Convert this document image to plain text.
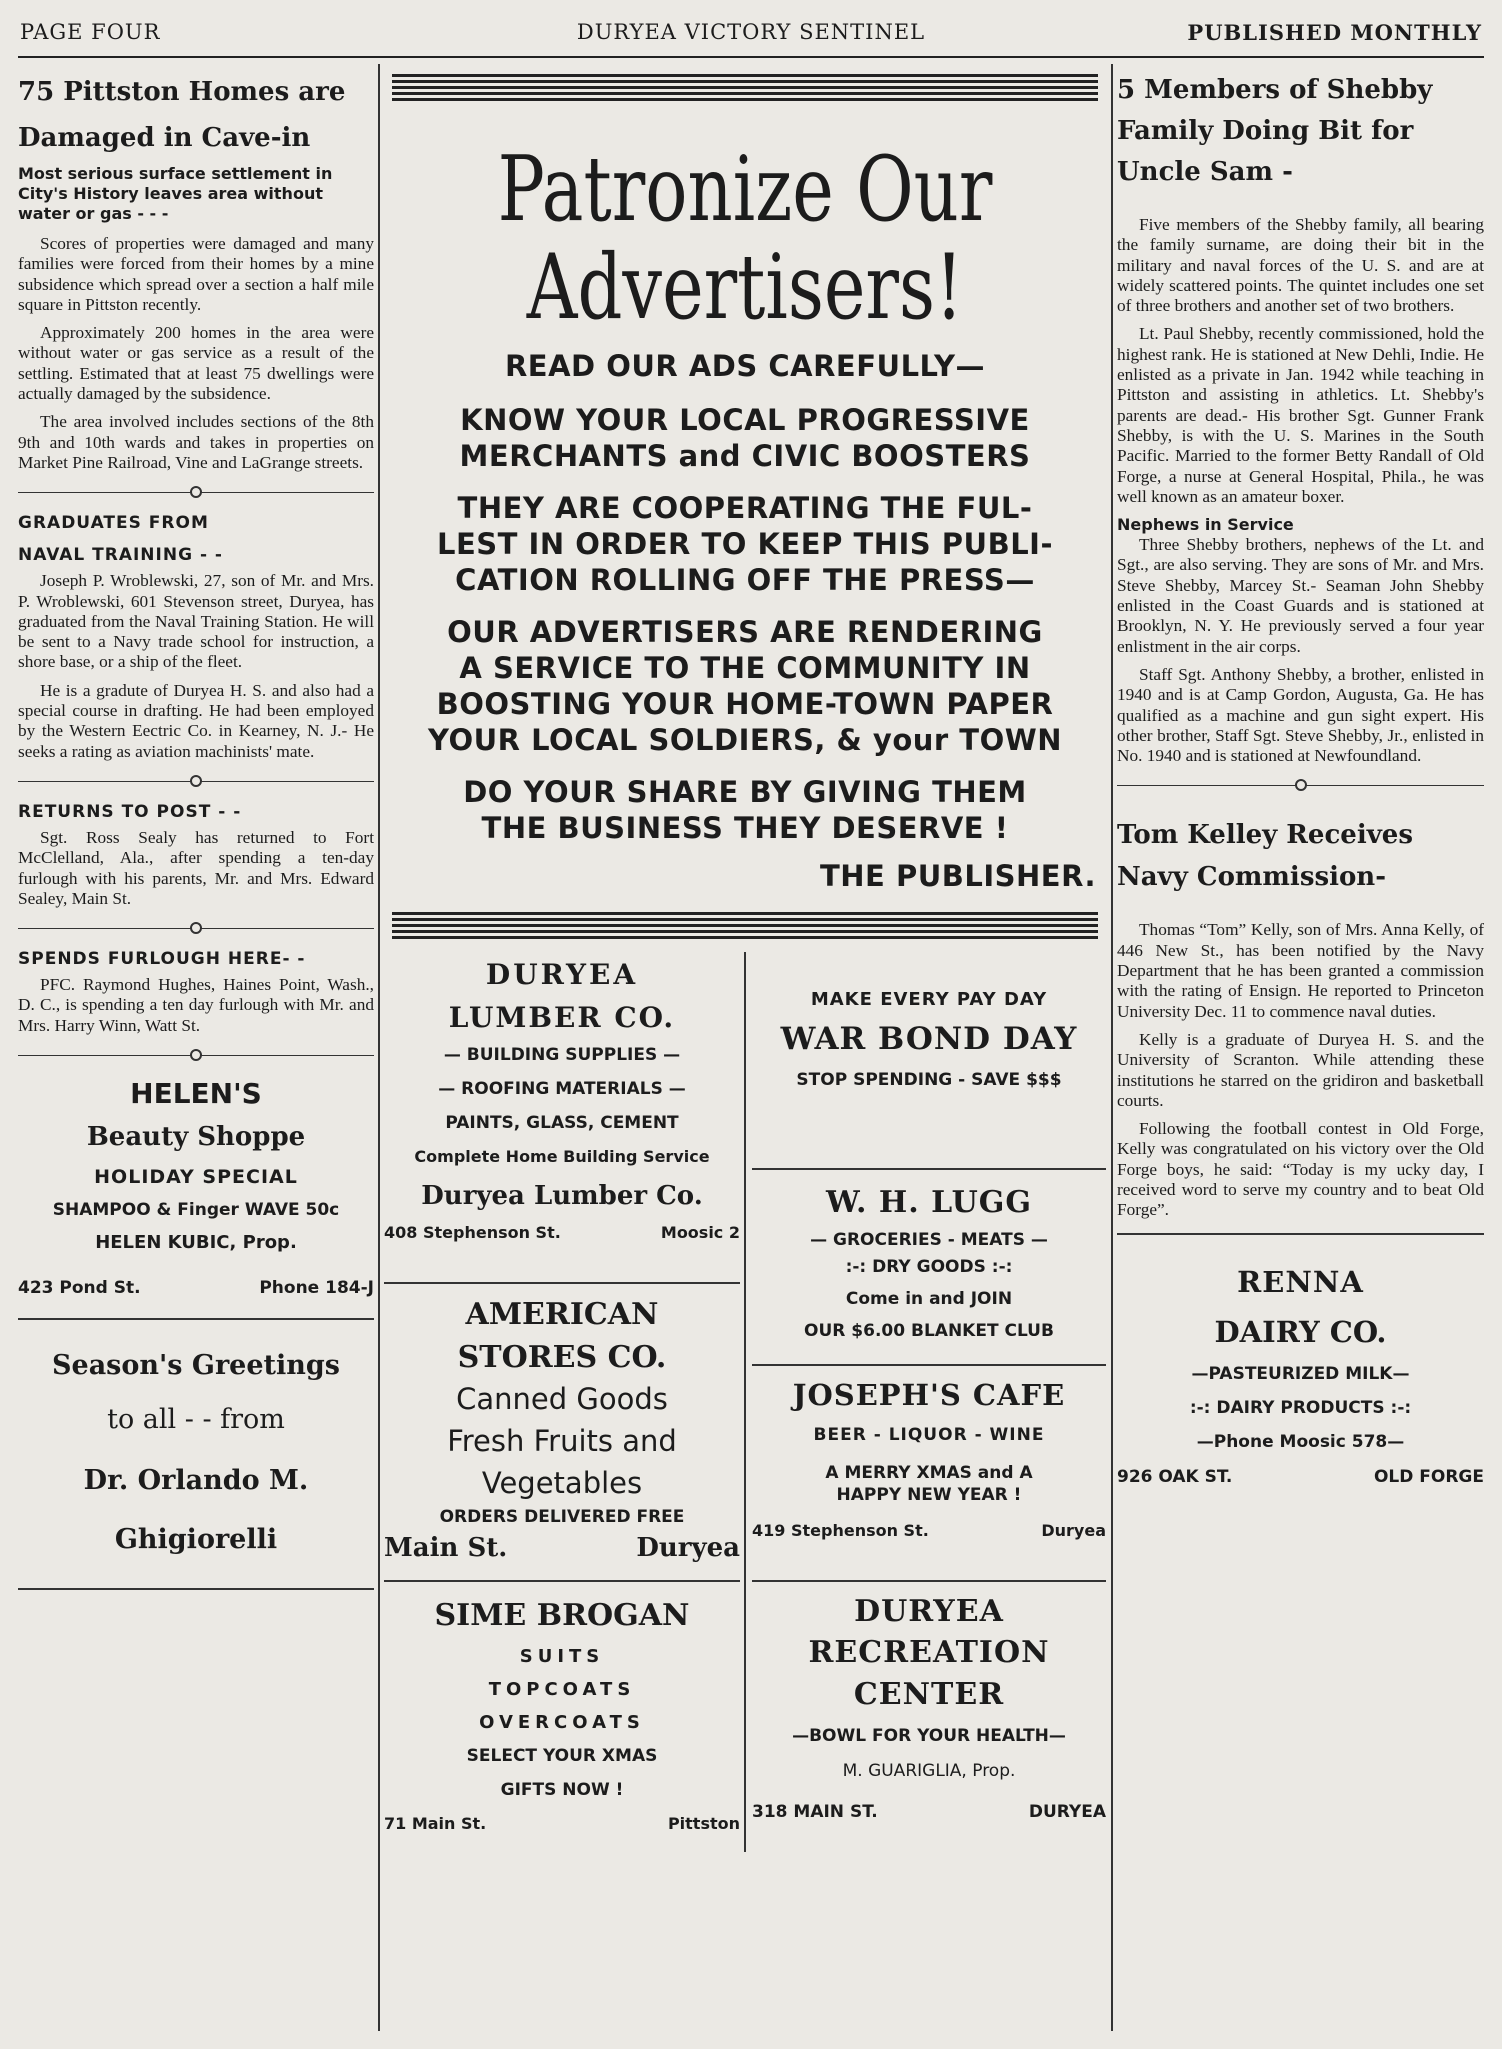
PAGE FOUR	DURYEA VICTORY SENTINEL	PUBLISHED MONTHLY
75 Pittston Homes are
Damaged in Cave-in
Most serious surface settlement in City's History leaves area without water or gas - - -

Scores of properties were damaged and many families were forced from their homes by a mine subsidence which spread over a section a half mile square in Pittston recently.

Approximately 200 homes in the area were without water or gas service as a result of the settling. Estimated that at least 75 dwellings were actually damaged by the subsidence.

The area involved includes sections of the 8th 9th and 10th wards and takes in properties on Market Pine Railroad, Vine and LaGrange streets.

GRADUATES FROM
NAVAL TRAINING - -

Joseph P. Wroblewski, 27, son of Mr. and Mrs. P. Wroblewski, 601 Stevenson street, Duryea, has graduated from the Naval Training Station. He will be sent to a Navy trade school for instruction, a shore base, or a ship of the fleet.

He is a gradute of Duryea H. S. and also had a special course in drafting. He had been employed by the Western Eectric Co. in Kearney, N. J.- He seeks a rating as aviation machinists' mate.

RETURNS TO POST - -

Sgt. Ross Sealy has returned to Fort McClelland, Ala., after spending a ten-day furlough with his parents, Mr. and Mrs. Edward Sealey, Main St.

SPENDS FURLOUGH HERE- -

PFC. Raymond Hughes, Haines Point, Wash., D. C., is spending a ten day furlough with Mr. and Mrs. Harry Winn, Watt St.

HELEN'S
Beauty Shoppe
HOLIDAY SPECIAL
SHAMPOO & Finger WAVE 50c
HELEN KUBIC, Prop.
423 Pond St.	Phone 184-J
Season's Greetings
to all - - from
Dr. Orlando M.
Ghigiorelli
Patronize Our
Advertisers!
READ OUR ADS CAREFULLY—
KNOW YOUR LOCAL PROGRESSIVE
MERCHANTS and CIVIC BOOSTERS
THEY ARE COOPERATING THE FUL-
LEST IN ORDER TO KEEP THIS PUBLI-
CATION ROLLING OFF THE PRESS—
OUR ADVERTISERS ARE RENDERING
A SERVICE TO THE COMMUNITY IN
BOOSTING YOUR HOME-TOWN PAPER
YOUR LOCAL SOLDIERS, & your TOWN
DO YOUR SHARE BY GIVING THEM
THE BUSINESS THEY DESERVE !
THE PUBLISHER.
DURYEA
LUMBER CO.
— BUILDING SUPPLIES —
— ROOFING MATERIALS —
PAINTS, GLASS, CEMENT
Complete Home Building Service
Duryea Lumber Co.
408 Stephenson St.	Moosic 2
AMERICAN
STORES CO.
Canned Goods
Fresh Fruits and
Vegetables
ORDERS DELIVERED FREE
Main St.	Duryea
SIME BROGAN
SUITS
TOPCOATS
OVERCOATS
SELECT YOUR XMAS
GIFTS NOW !
71 Main St.	Pittston
MAKE EVERY PAY DAY
WAR BOND DAY
STOP SPENDING - SAVE $$$
W. H. LUGG
— GROCERIES - MEATS —
:-: DRY GOODS :-:
Come in and JOIN
OUR $6.00 BLANKET CLUB
JOSEPH'S CAFE
BEER - LIQUOR - WINE
A MERRY XMAS and A
HAPPY NEW YEAR !
419 Stephenson St.	Duryea
DURYEA
RECREATION
CENTER
—BOWL FOR YOUR HEALTH—
M. GUARIGLIA, Prop.
318 MAIN ST.	DURYEA
5 Members of Shebby
Family Doing Bit for
Uncle Sam -

Five members of the Shebby family, all bearing the family surname, are doing their bit in the military and naval forces of the U. S. and are at widely scattered points. The quintet includes one set of three brothers and another set of two brothers.

Lt. Paul Shebby, recently commissioned, hold the highest rank. He is stationed at New Dehli, Indie. He enlisted as a private in Jan. 1942 while teaching in Pittston and assisting in athletics. Lt. Shebby's parents are dead.- His brother Sgt. Gunner Frank Shebby, is with the U. S. Marines in the South Pacific. Married to the former Betty Randall of Old Forge, a nurse at General Hospital, Phila., he was well known as an amateur boxer.

Nephews in Service

Three Shebby brothers, nephews of the Lt. and Sgt., are also serving. They are sons of Mr. and Mrs. Steve Shebby, Marcey St.- Seaman John Shebby enlisted in the Coast Guards and is stationed at Brooklyn, N. Y. He previously served a four year enlistment in the air corps.

Staff Sgt. Anthony Shebby, a brother, enlisted in 1940 and is at Camp Gordon, Augusta, Ga. He has qualified as a machine and gun sight expert. His other brother, Staff Sgt. Steve Shebby, Jr., enlisted in No. 1940 and is stationed at Newfoundland.

Tom Kelley Receives
Navy Commission-

Thomas “Tom” Kelly, son of Mrs. Anna Kelly, of 446 New St., has been notified by the Navy Department that he has been granted a commission with the rating of Ensign. He reported to Princeton University Dec. 11 to commence naval duties.

Kelly is a graduate of Duryea H. S. and the University of Scranton. While attending these institutions he starred on the gridiron and basketball courts.

Following the football contest in Old Forge, Kelly was congratulated on his victory over the Old Forge boys, he said: “Today is my ucky day, I received word to serve my country and to beat Old Forge”.

RENNA
DAIRY CO.
—PASTEURIZED MILK—
:-: DAIRY PRODUCTS :-:
—Phone Moosic 578—
926 OAK ST.	OLD FORGE
